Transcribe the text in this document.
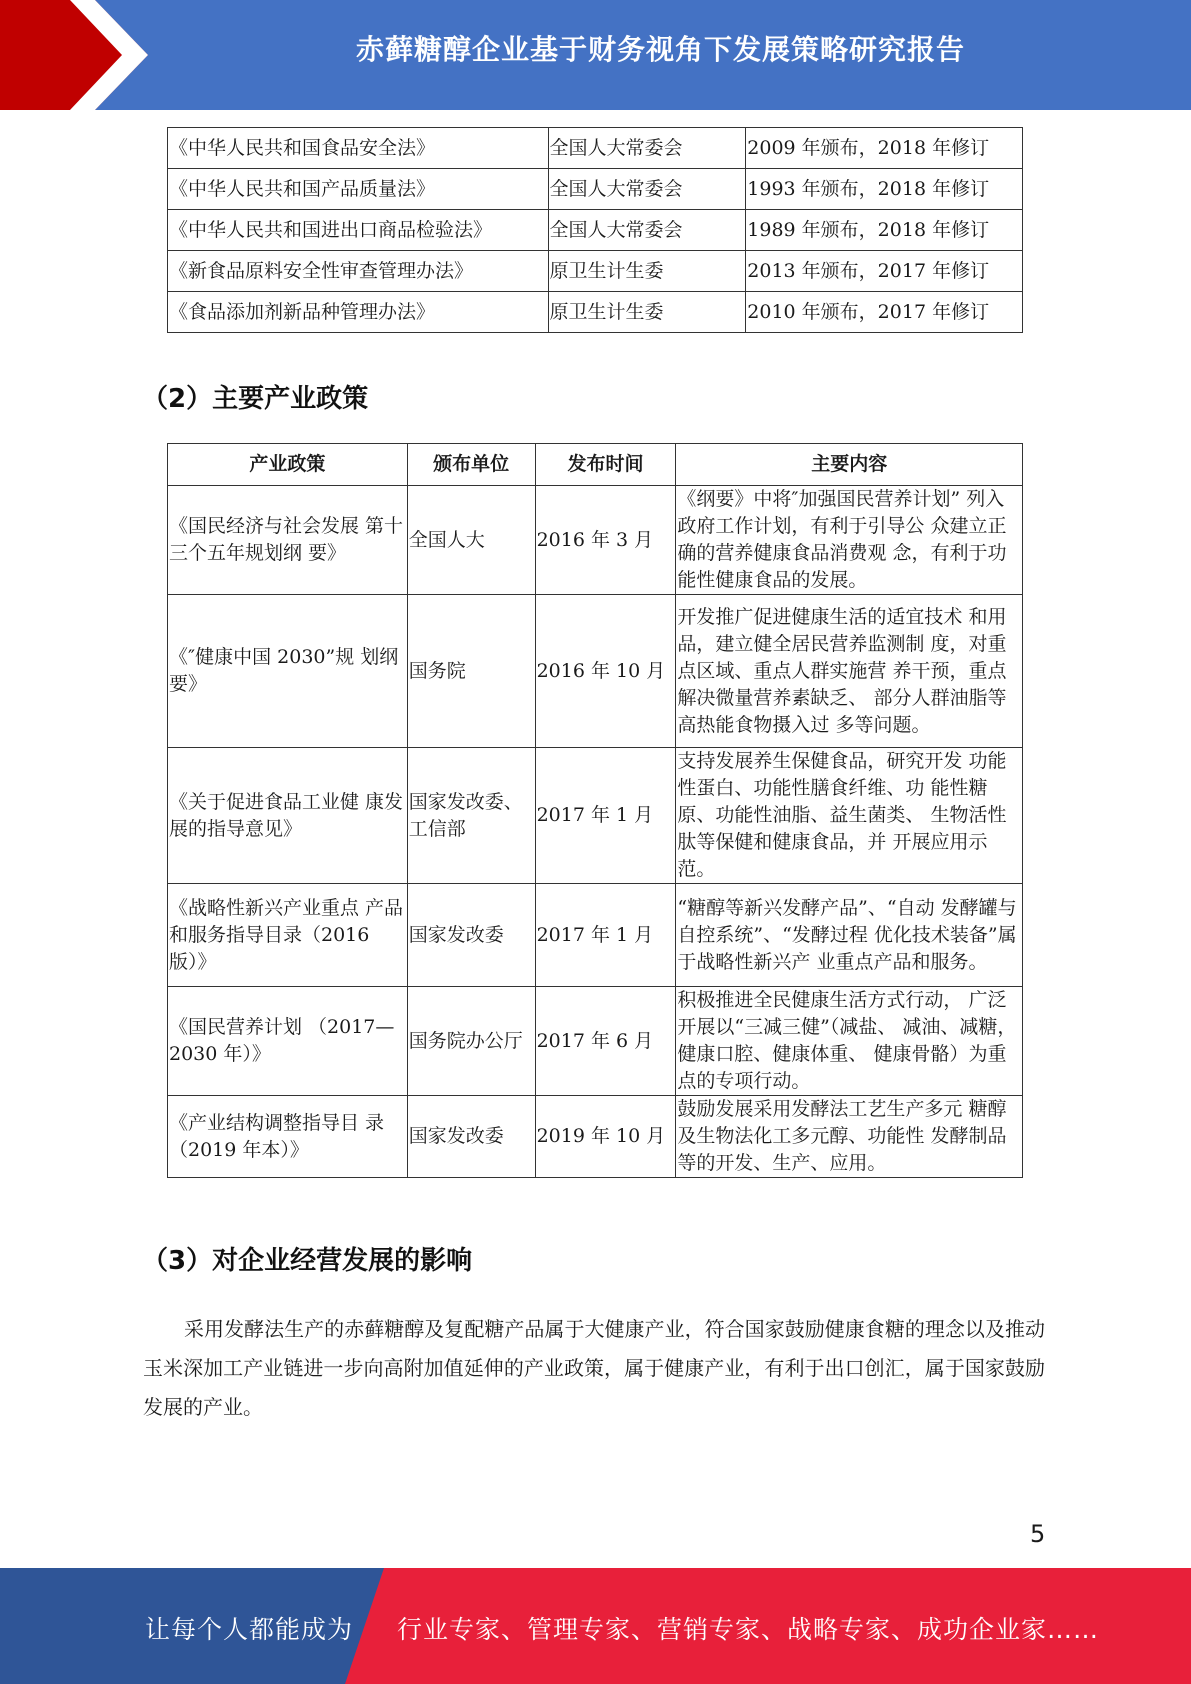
赤藓糖醇企业基于财务视角下发展策略研究报告
《中华人民共和国食品安全法》	全国人大常委会	2009 年颁布，2018 年修订
《中华人民共和国产品质量法》	全国人大常委会	1993 年颁布，2018 年修订
《中华人民共和国进出口商品检验法》	全国人大常委会	1989 年颁布，2018 年修订
《新食品原料安全性审查管理办法》	原卫生计生委	2013 年颁布，2017 年修订
《食品添加剂新品种管理办法》	原卫生计生委	2010 年颁布，2017 年修订
（2）主要产业政策
产业政策	颁布单位	发布时间	主要内容
《国民经济与社会发展 第十三个五年规划纲 要》	全国人大	2016 年 3 月	《纲要》中将″加强国民营养计划” 列入政府工作计划，有利于引导公 众建立正确的营养健康食品消费观 念，有利于功能性健康食品的发展。
《″健康中国 2030”规 划纲要》	国务院	2016 年 10 月	开发推广促进健康生活的适宜技术 和用品，建立健全居民营养监测制 度，对重点区域、重点人群实施营 养干预，重点解决微量营养素缺乏、 部分人群油脂等高热能食物摄入过 多等问题。
《关于促进食品工业健 康发展的指导意见》	国家发改委、工信部	2017 年 1 月	支持发展养生保健食品，研究开发 功能性蛋白、功能性膳食纤维、功 能性糖原、功能性油脂、益生菌类、 生物活性肽等保健和健康食品，并 开展应用示范。
《战略性新兴产业重点 产品和服务指导目录（2016 版）》	国家发改委	2017 年 1 月	“糖醇等新兴发酵产品”、“自动 发酵罐与自控系统”、“发酵过程 优化技术装备”属于战略性新兴产 业重点产品和服务。
《国民营养计划 （2017—2030 年）》	国务院办公厅	2017 年 6 月	积极推进全民健康生活方式行动， 广泛开展以“三减三健”（减盐、 减油、减糖，健康口腔、健康体重、 健康骨骼）为重点的专项行动。
《产业结构调整指导目 录（2019 年本）》	国家发改委	2019 年 10 月	鼓励发展采用发酵法工艺生产多元 糖醇及生物法化工多元醇、功能性 发酵制品等的开发、生产、应用。
（3）对企业经营发展的影响

采用发酵法生产的赤藓糖醇及复配糖产品属于大健康产业，符合国家鼓励健康食糖的理念以及推动玉米深加工产业链进一步向高附加值延伸的产业政策，属于健康产业，有利于出口创汇，属于国家鼓励发展的产业。

5
让每个人都能成为 行业专家、管理专家、营销专家、战略专家、成功企业家……
